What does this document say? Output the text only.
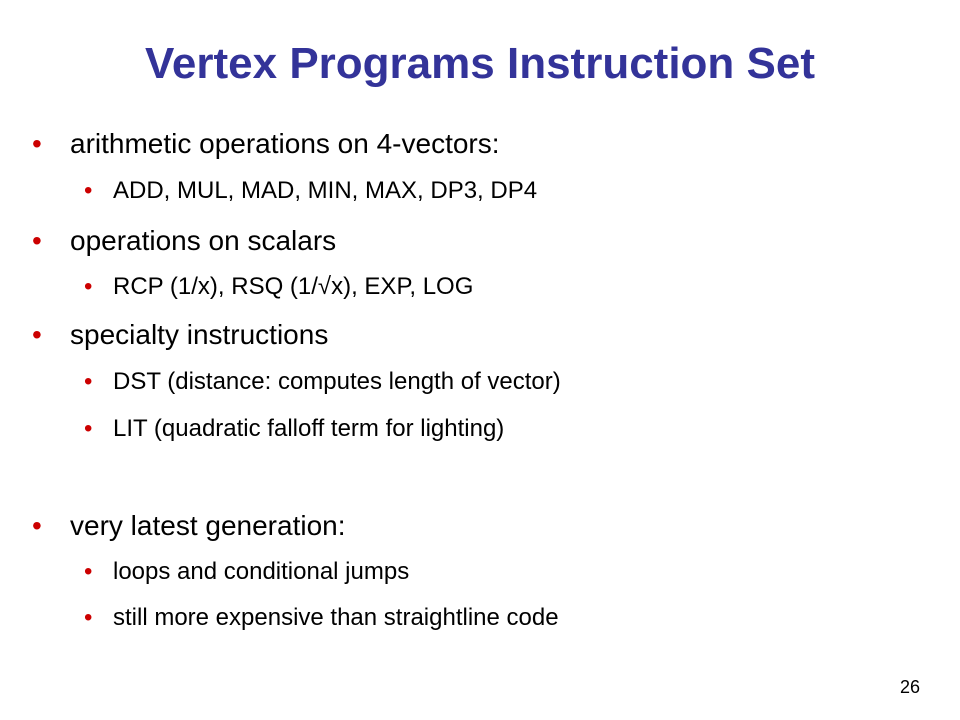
Vertex Programs Instruction Set
• arithmetic operations on 4-vectors:
• ADD, MUL, MAD, MIN, MAX, DP3, DP4
• operations on scalars
• RCP (1/x), RSQ (1/√x), EXP, LOG
• specialty instructions
• DST (distance: computes length of vector)
• LIT (quadratic falloff term for lighting)
• very latest generation:
• loops and conditional jumps
• still more expensive than straightline code
26
